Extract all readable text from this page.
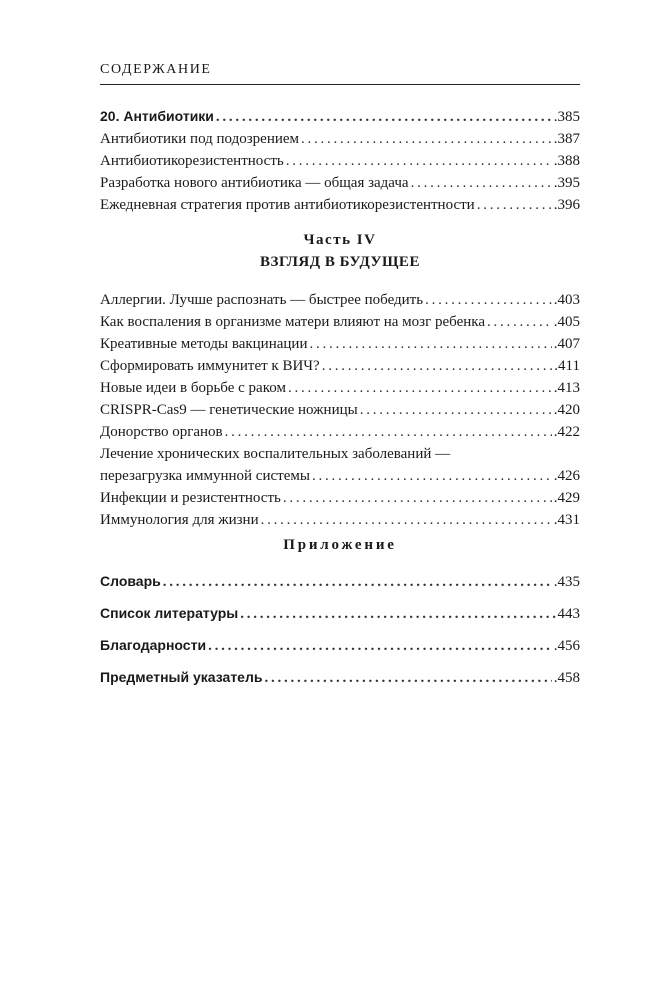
СОДЕРЖАНИЕ
20. Антибиотики . . .	.385
Антибиотики под подозрением . . .	.387
Антибиотикорезистентность . . .	.388
Разработка нового антибиотика — общая задача . . .	.395
Ежедневная стратегия против антибиотикорезистентности . . .	.396
Часть IV
ВЗГЛЯД В БУДУЩЕЕ
Аллергии. Лучше распознать — быстрее победить . . .	.403
Как воспаления в организме матери влияют на мозг ребенка . . .	.405
Креативные методы вакцинации . . .	.407
Сформировать иммунитет к ВИЧ? . . .	.411
Новые идеи в борьбе с раком . . .	.413
CRISPR-Cas9 — генетические ножницы . . .	.420
Донорство органов . . .	.422
Лечение хронических воспалительных заболеваний —
перезагрузка иммунной системы . . .	.426
Инфекции и резистентность . . .	.429
Иммунология для жизни . . .	.431
Приложение
Словарь . . .	.435
Список литературы . . .	443
Благодарности . . .	.456
Предметный указатель . . .	.458
